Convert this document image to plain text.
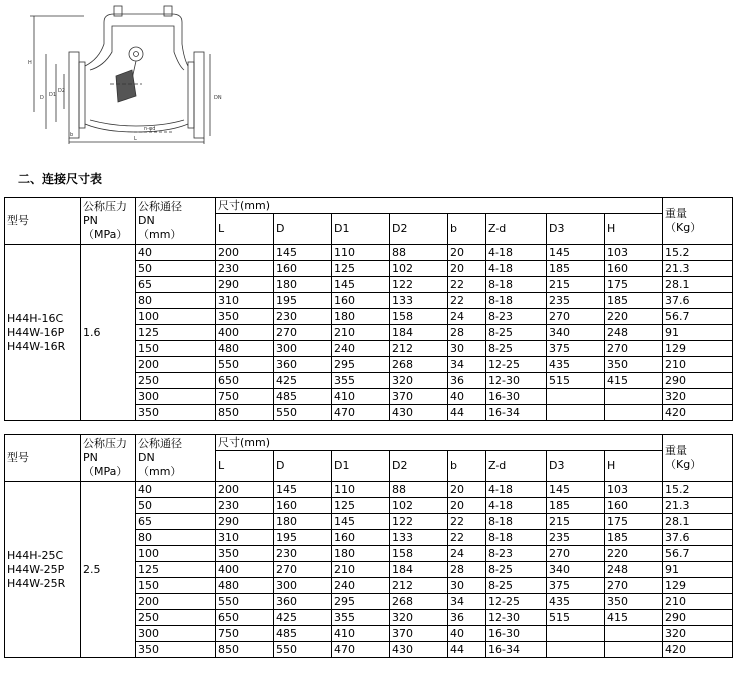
H
D D1
D2
DN
L
b
n-φd
二、连接尺寸表
型号	公称压力
PN
（MPa）	公称通径
DN
（mm）	尺寸(mm)								重量
（Kg）

			L	D	D1	D2	b	Z-d	D3	H	

H44H-16C
H44W-16P
H44W-16R	1.6	40	200	145	110	88	20	4-18	145	103	15.2
		50	230	160	125	102	20	4-18	185	160	21.3
		65	290	180	145	122	22	8-18	215	175	28.1
		80	310	195	160	133	22	8-18	235	185	37.6
		100	350	230	180	158	24	8-23	270	220	56.7
		125	400	270	210	184	28	8-25	340	248	91
		150	480	300	240	212	30	8-25	375	270	129
		200	550	360	295	268	34	12-25	435	350	210
		250	650	425	355	320	36	12-30	515	415	290
		300	750	485	410	370	40	16-30			320
		350	850	550	470	430	44	16-34			420
型号	公称压力
PN
（MPa）	公称通径
DN
（mm）	尺寸(mm)								重量
（Kg）

			L	D	D1	D2	b	Z-d	D3	H	

H44H-25C
H44W-25P
H44W-25R	2.5	40	200	145	110	88	20	4-18	145	103	15.2
		50	230	160	125	102	20	4-18	185	160	21.3
		65	290	180	145	122	22	8-18	215	175	28.1
		80	310	195	160	133	22	8-18	235	185	37.6
		100	350	230	180	158	24	8-23	270	220	56.7
		125	400	270	210	184	28	8-25	340	248	91
		150	480	300	240	212	30	8-25	375	270	129
		200	550	360	295	268	34	12-25	435	350	210
		250	650	425	355	320	36	12-30	515	415	290
		300	750	485	410	370	40	16-30			320
		350	850	550	470	430	44	16-34			420
